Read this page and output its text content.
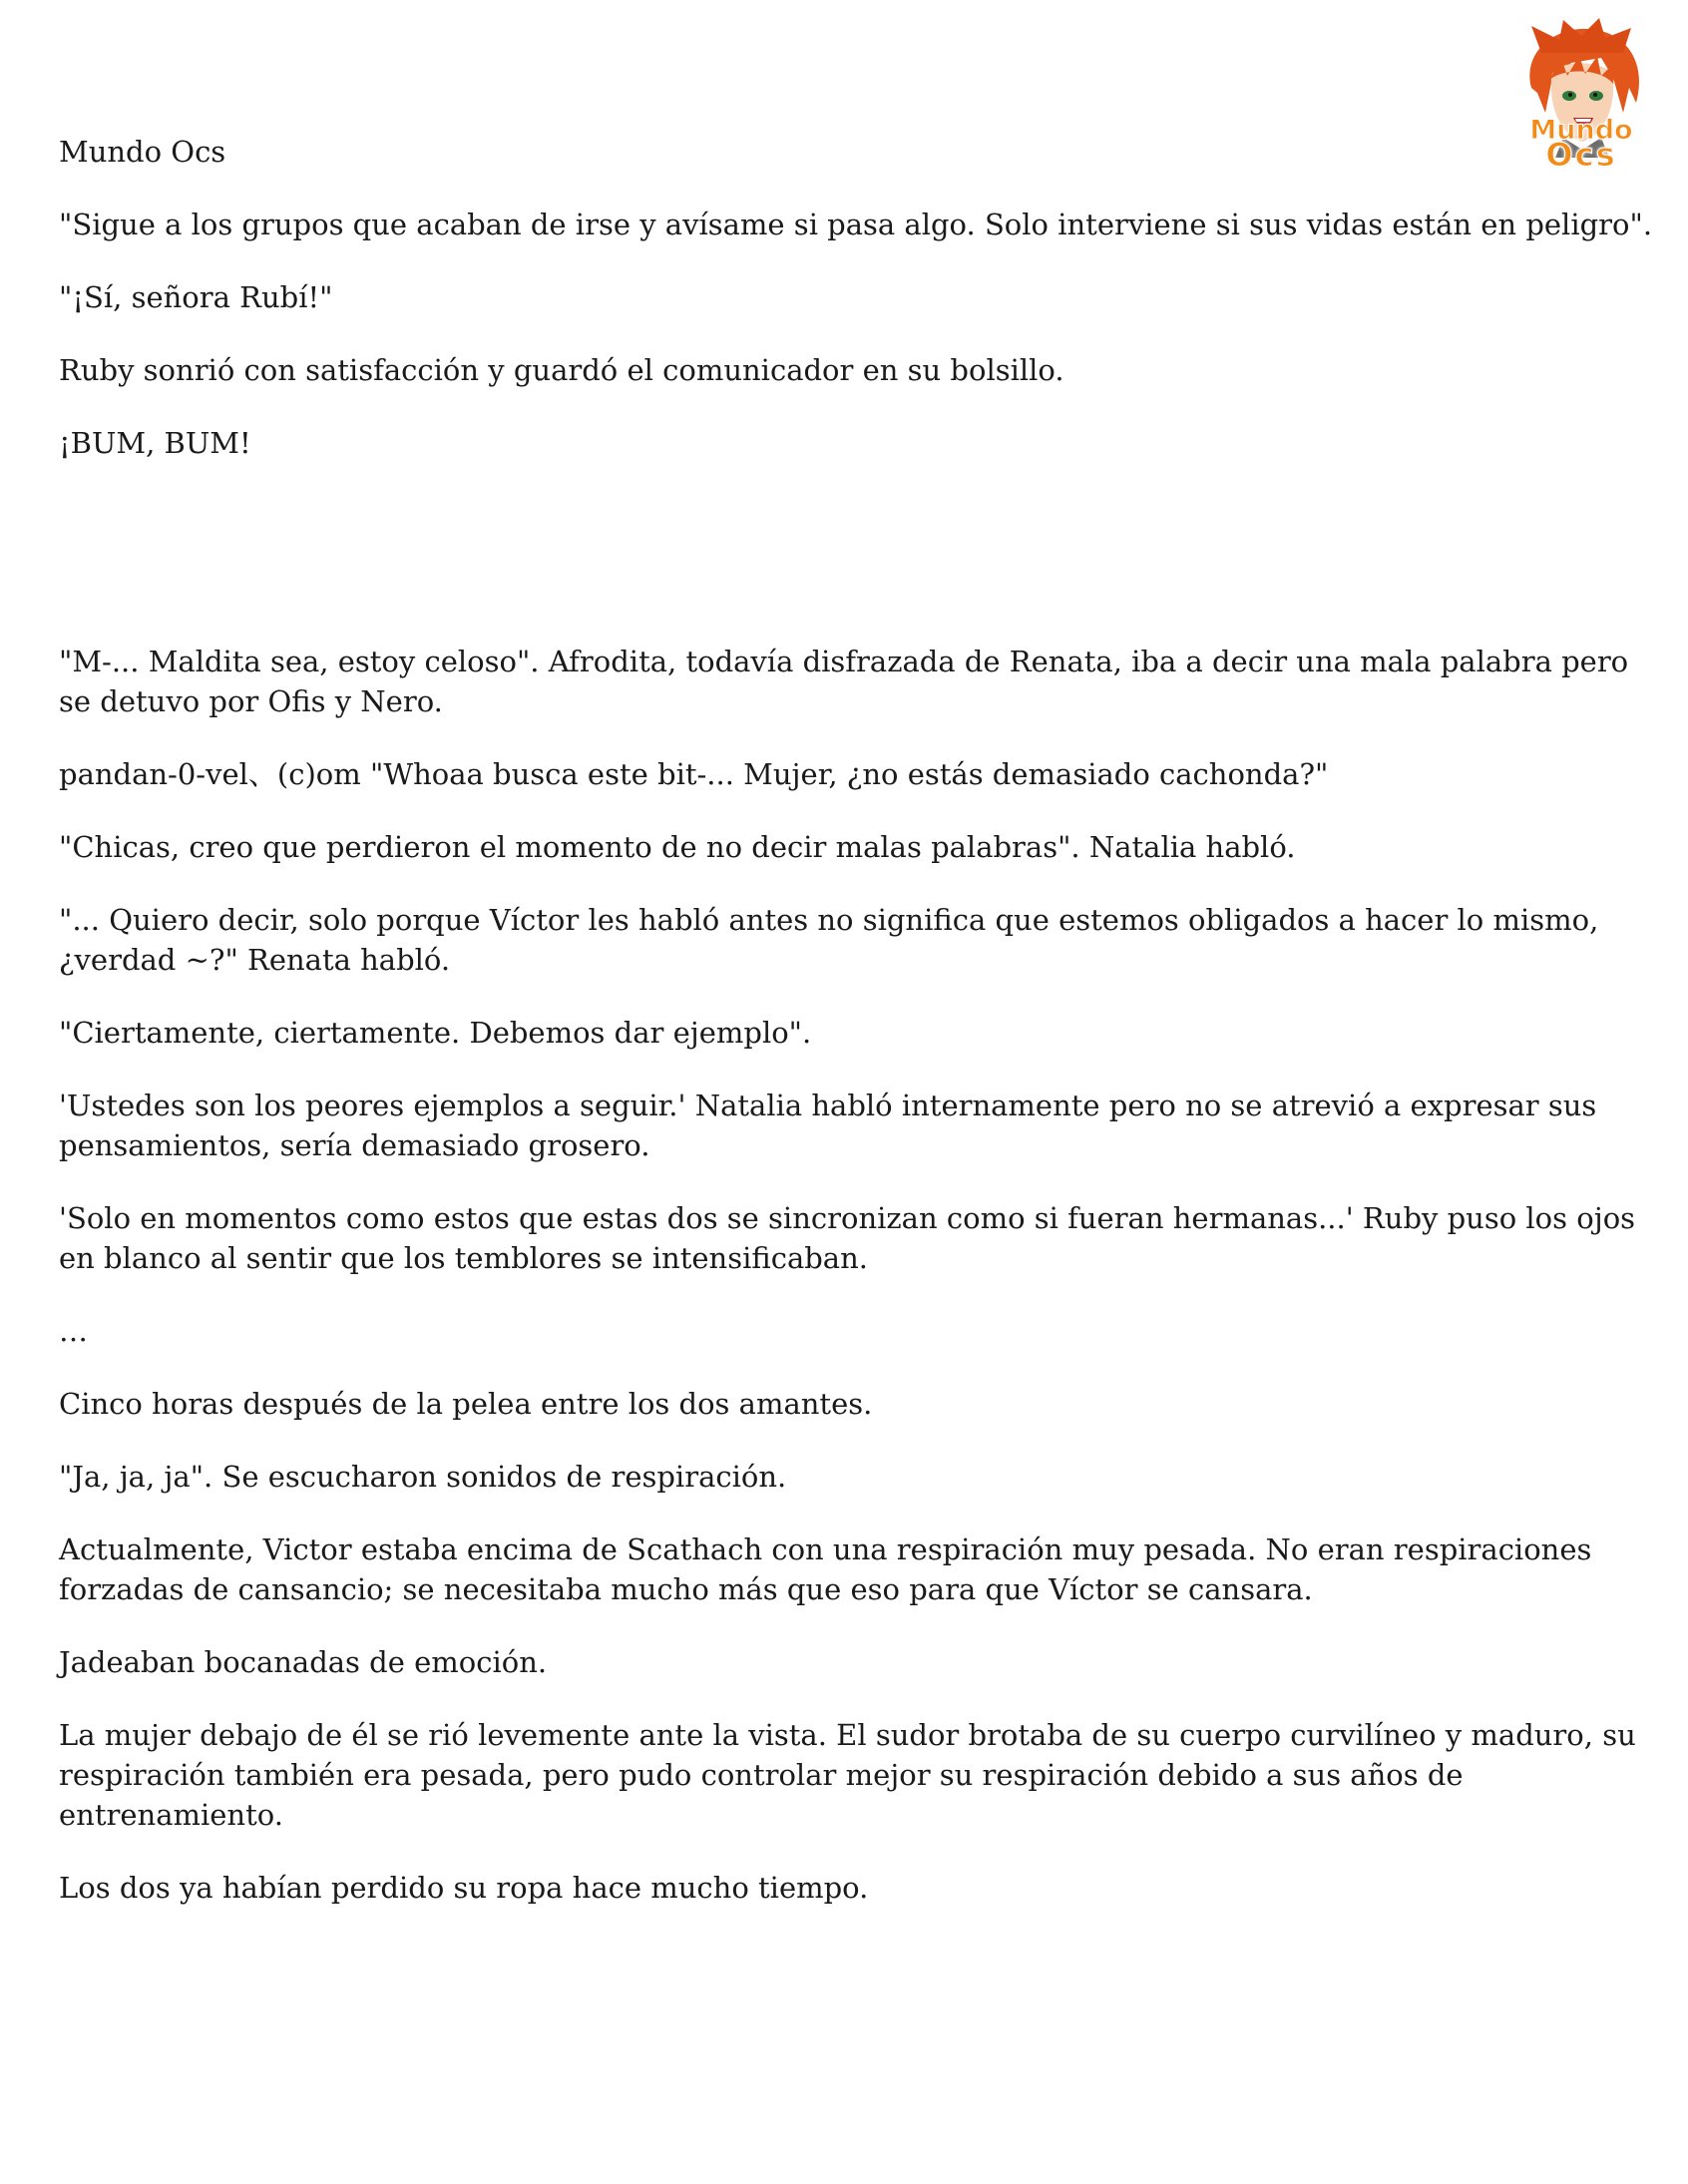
Mundo
Ocs

Mundo Ocs

"Sigue a los grupos que acaban de irse y avísame si pasa algo. Solo interviene si sus vidas están en peligro".

"¡Sí, señora Rubí!"

Ruby sonrió con satisfacción y guardó el comunicador en su bolsillo.

¡BUM, BUM!

"M-... Maldita sea, estoy celoso". Afrodita, todavía disfrazada de Renata, iba a decir una mala palabra pero se detuvo por Ofis y Nero.

pandan-0-vel、(c)om "Whoaa busca este bit-... Mujer, ¿no estás demasiado cachonda?"

"Chicas, creo que perdieron el momento de no decir malas palabras". Natalia habló.

"... Quiero decir, solo porque Víctor les habló antes no significa que estemos obligados a hacer lo mismo, ¿verdad ~?" Renata habló.

"Ciertamente, ciertamente. Debemos dar ejemplo".

'Ustedes son los peores ejemplos a seguir.' Natalia habló internamente pero no se atrevió a expresar sus pensamientos, sería demasiado grosero.

'Solo en momentos como estos que estas dos se sincronizan como si fueran hermanas...' Ruby puso los ojos en blanco al sentir que los temblores se intensificaban.

…

Cinco horas después de la pelea entre los dos amantes.

"Ja, ja, ja". Se escucharon sonidos de respiración.

Actualmente, Victor estaba encima de Scathach con una respiración muy pesada. No eran respiraciones forzadas de cansancio; se necesitaba mucho más que eso para que Víctor se cansara.

Jadeaban bocanadas de emoción.

La mujer debajo de él se rió levemente ante la vista. El sudor brotaba de su cuerpo curvilíneo y maduro, su respiración también era pesada, pero pudo controlar mejor su respiración debido a sus años de entrenamiento.

Los dos ya habían perdido su ropa hace mucho tiempo.
